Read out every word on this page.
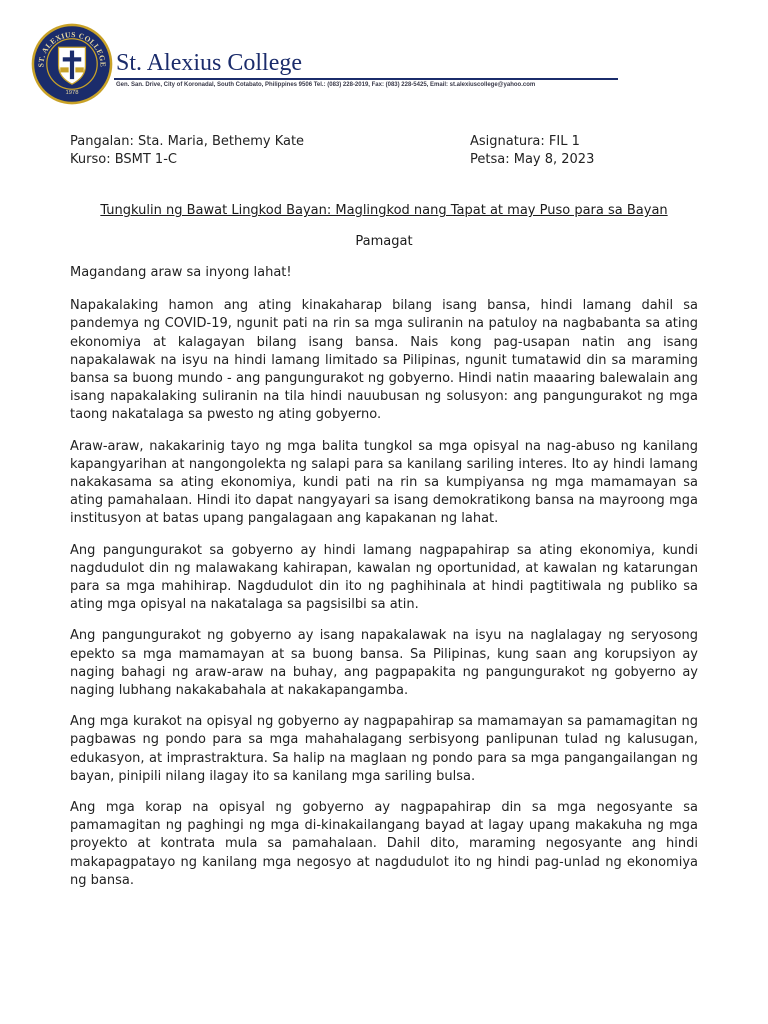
ST. ALEXIUS COLLEGE
1978
St. Alexius College
Gen. San. Drive, City of Koronadal, South Cotabato, Philippines 9506 Tel.: (083) 228-2019, Fax: (083) 228-5425, Email: st.alexiuscollege@yahoo.com
Pangalan: Sta. Maria, Bethemy Kate
Kurso: BSMT 1-C
Asignatura: FIL 1
Petsa: May 8, 2023
Tungkulin ng Bawat Lingkod Bayan: Maglingkod nang Tapat at may Puso para sa Bayan
Pamagat

Magandang araw sa inyong lahat!

Napakalaking hamon ang ating kinakaharap bilang isang bansa, hindi lamang dahil sa pandemya ng COVID-19, ngunit pati na rin sa mga suliranin na patuloy na nagbabanta sa ating ekonomiya at kalagayan bilang isang bansa. Nais kong pag-usapan natin ang isang napakalawak na isyu na hindi lamang limitado sa Pilipinas, ngunit tumatawid din sa maraming bansa sa buong mundo - ang pangungurakot ng gobyerno. Hindi natin maaaring balewalain ang isang napakalaking suliranin na tila hindi nauubusan ng solusyon: ang pangungurakot ng mga taong nakatalaga sa pwesto ng ating gobyerno.

Araw-araw, nakakarinig tayo ng mga balita tungkol sa mga opisyal na nag-abuso ng kanilang kapangyarihan at nangongolekta ng salapi para sa kanilang sariling interes. Ito ay hindi lamang nakakasama sa ating ekonomiya, kundi pati na rin sa kumpiyansa ng mga mamamayan sa ating pamahalaan. Hindi ito dapat nangyayari sa isang demokratikong bansa na mayroong mga institusyon at batas upang pangalagaan ang kapakanan ng lahat.

Ang pangungurakot sa gobyerno ay hindi lamang nagpapahirap sa ating ekonomiya, kundi nagdudulot din ng malawakang kahirapan, kawalan ng oportunidad, at kawalan ng katarungan para sa mga mahihirap. Nagdudulot din ito ng paghihinala at hindi pagtitiwala ng publiko sa ating mga opisyal na nakatalaga sa pagsisilbi sa atin.

Ang pangungurakot ng gobyerno ay isang napakalawak na isyu na naglalagay ng seryosong epekto sa mga mamamayan at sa buong bansa. Sa Pilipinas, kung saan ang korupsiyon ay naging bahagi ng araw-araw na buhay, ang pagpapakita ng pangungurakot ng gobyerno ay naging lubhang nakakabahala at nakakapangamba.

Ang mga kurakot na opisyal ng gobyerno ay nagpapahirap sa mamamayan sa pamamagitan ng pagbawas ng pondo para sa mga mahahalagang serbisyong panlipunan tulad ng kalusugan, edukasyon, at imprastraktura. Sa halip na maglaan ng pondo para sa mga pangangailangan ng bayan, pinipili nilang ilagay ito sa kanilang mga sariling bulsa.

Ang mga korap na opisyal ng gobyerno ay nagpapahirap din sa mga negosyante sa pamamagitan ng paghingi ng mga di-kinakailangang bayad at lagay upang makakuha ng mga proyekto at kontrata mula sa pamahalaan. Dahil dito, maraming negosyante ang hindi makapagpatayo ng kanilang mga negosyo at nagdudulot ito ng hindi pag-unlad ng ekonomiya ng bansa.
